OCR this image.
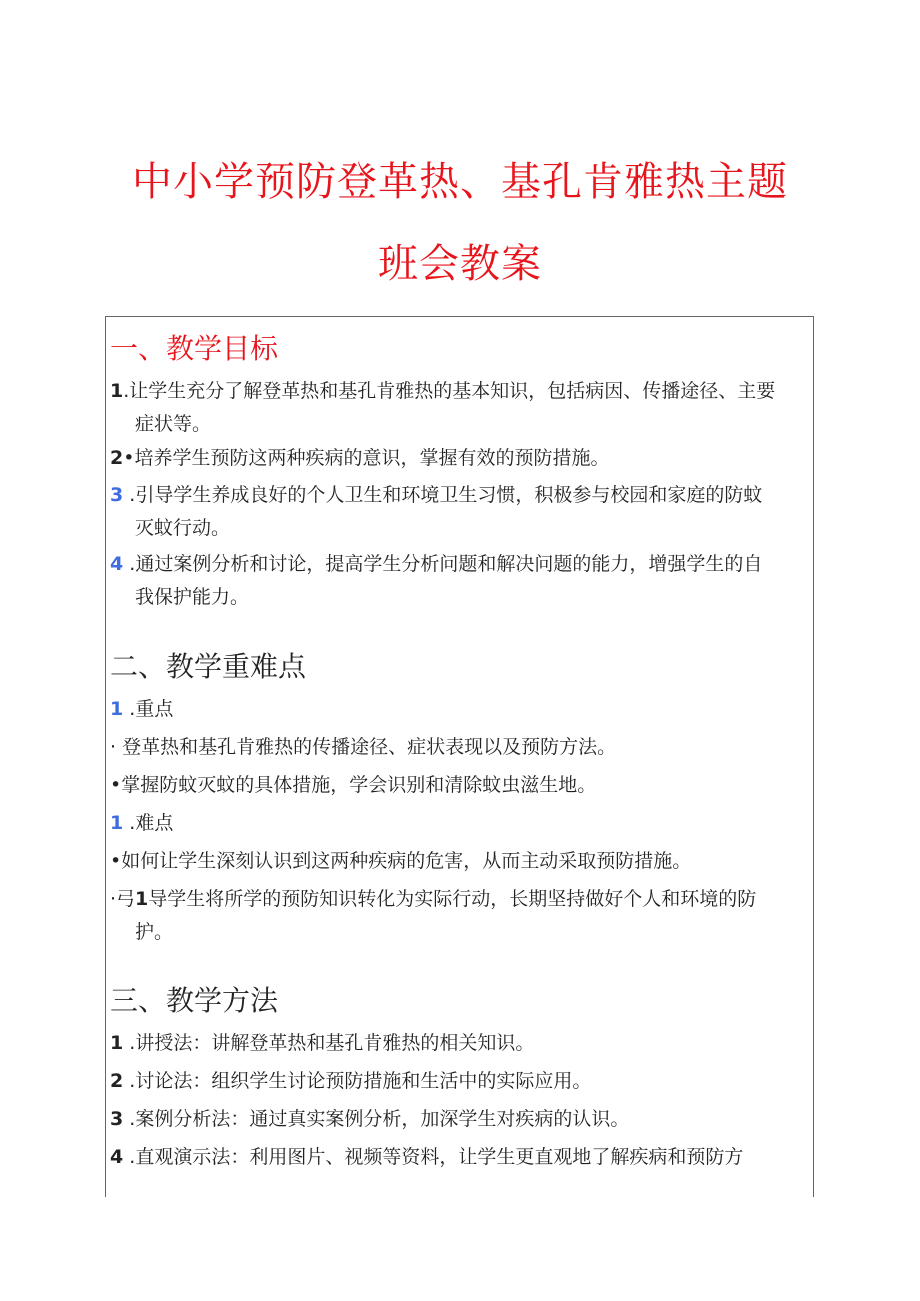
中小学预防登革热、基孔肯雅热主题
班会教案
一、教学目标
1.让学生充分了解登革热和基孔肯雅热的基本知识，包括病因、传播途径、主要
症状等。
2•培养学生预防这两种疾病的意识，掌握有效的预防措施。
3 .引导学生养成良好的个人卫生和环境卫生习惯，积极参与校园和家庭的防蚊
灭蚊行动。
4 .通过案例分析和讨论，提高学生分析问题和解决问题的能力，增强学生的自
我保护能力。
二、教学重难点
1 .重点
· 登革热和基孔肯雅热的传播途径、症状表现以及预防方法。
•掌握防蚊灭蚊的具体措施，学会识别和清除蚊虫滋生地。
1 .难点
•如何让学生深刻认识到这两种疾病的危害，从而主动采取预防措施。
·弓1导学生将所学的预防知识转化为实际行动，长期坚持做好个人和环境的防
护。
三、教学方法
1 .讲授法：讲解登革热和基孔肯雅热的相关知识。
2 .讨论法：组织学生讨论预防措施和生活中的实际应用。
3 .案例分析法：通过真实案例分析，加深学生对疾病的认识。
4 .直观演示法：利用图片、视频等资料，让学生更直观地了解疾病和预防方
